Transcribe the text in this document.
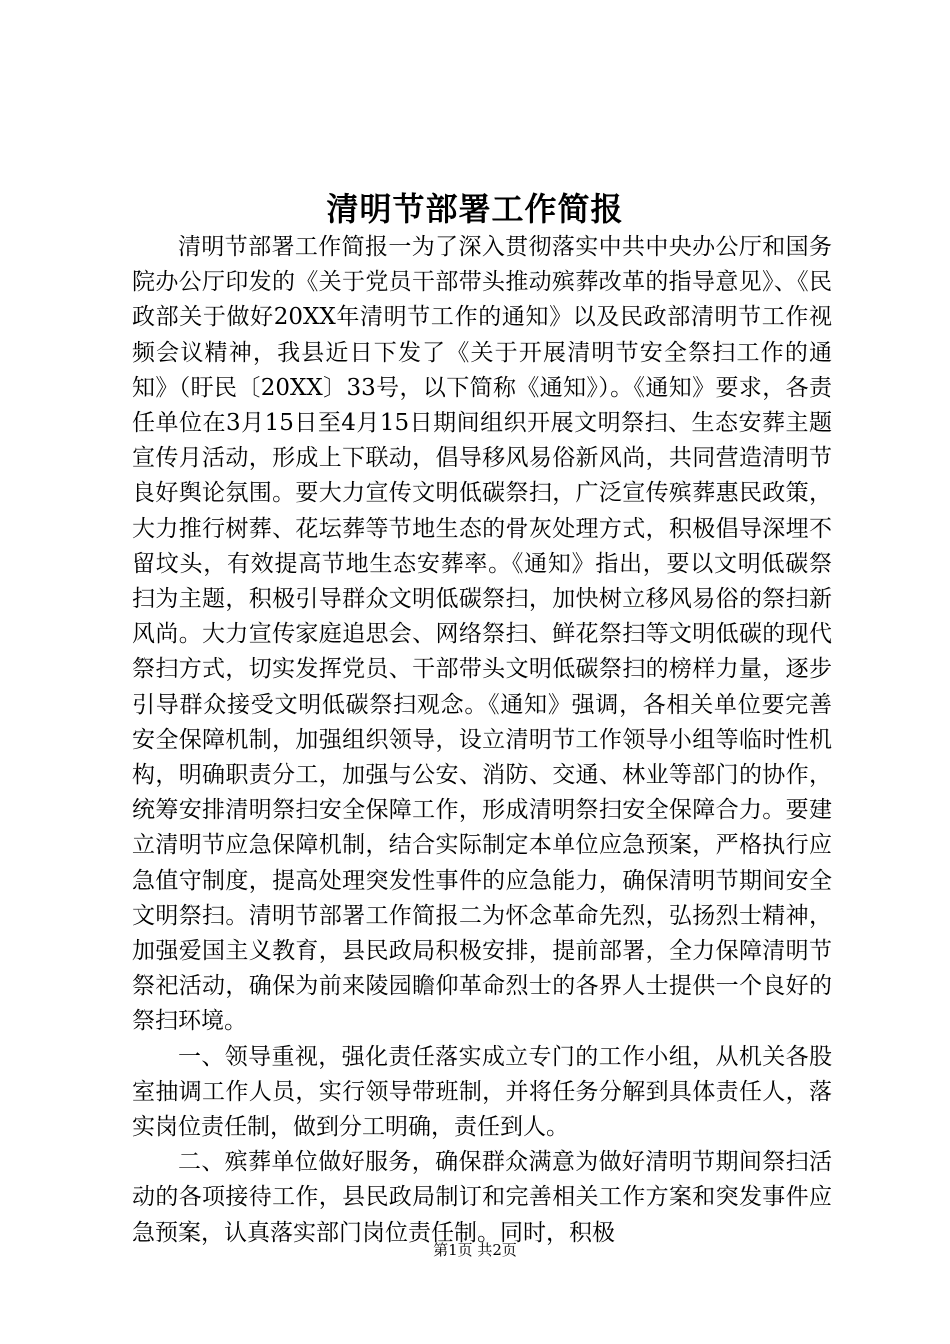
清明节部署工作简报

清明节部署工作简报一为了深入贯彻落实中共中央办公厅和国务院办公厅印发的《关于党员干部带头推动殡葬改革的指导意见》、《民政部关于做好20XX年清明节工作的通知》以及民政部清明节工作视频会议精神，我县近日下发了《关于开展清明节安全祭扫工作的通知》（盱民〔20XX〕33号，以下简称《通知》）。《通知》要求，各责任单位在3月15日至4月15日期间组织开展文明祭扫、生态安葬主题宣传月活动，形成上下联动，倡导移风易俗新风尚，共同营造清明节良好舆论氛围。要大力宣传文明低碳祭扫，广泛宣传殡葬惠民政策，大力推行树葬、花坛葬等节地生态的骨灰处理方式，积极倡导深埋不留坟头，有效提高节地生态安葬率。《通知》指出，要以文明低碳祭扫为主题，积极引导群众文明低碳祭扫，加快树立移风易俗的祭扫新风尚。大力宣传家庭追思会、网络祭扫、鲜花祭扫等文明低碳的现代祭扫方式，切实发挥党员、干部带头文明低碳祭扫的榜样力量，逐步引导群众接受文明低碳祭扫观念。《通知》强调，各相关单位要完善安全保障机制，加强组织领导，设立清明节工作领导小组等临时性机构，明确职责分工，加强与公安、消防、交通、林业等部门的协作，统筹安排清明祭扫安全保障工作，形成清明祭扫安全保障合力。要建立清明节应急保障机制，结合实际制定本单位应急预案，严格执行应急值守制度，提高处理突发性事件的应急能力，确保清明节期间安全文明祭扫。清明节部署工作简报二为怀念革命先烈，弘扬烈士精神，加强爱国主义教育，县民政局积极安排，提前部署，全力保障清明节祭祀活动，确保为前来陵园瞻仰革命烈士的各界人士提供一个良好的祭扫环境。

一、领导重视，强化责任落实成立专门的工作小组，从机关各股室抽调工作人员，实行领导带班制，并将任务分解到具体责任人，落实岗位责任制，做到分工明确，责任到人。

二、殡葬单位做好服务，确保群众满意为做好清明节期间祭扫活动的各项接待工作，县民政局制订和完善相关工作方案和突发事件应急预案，认真落实部门岗位责任制。同时，积极

第1页 共2页
